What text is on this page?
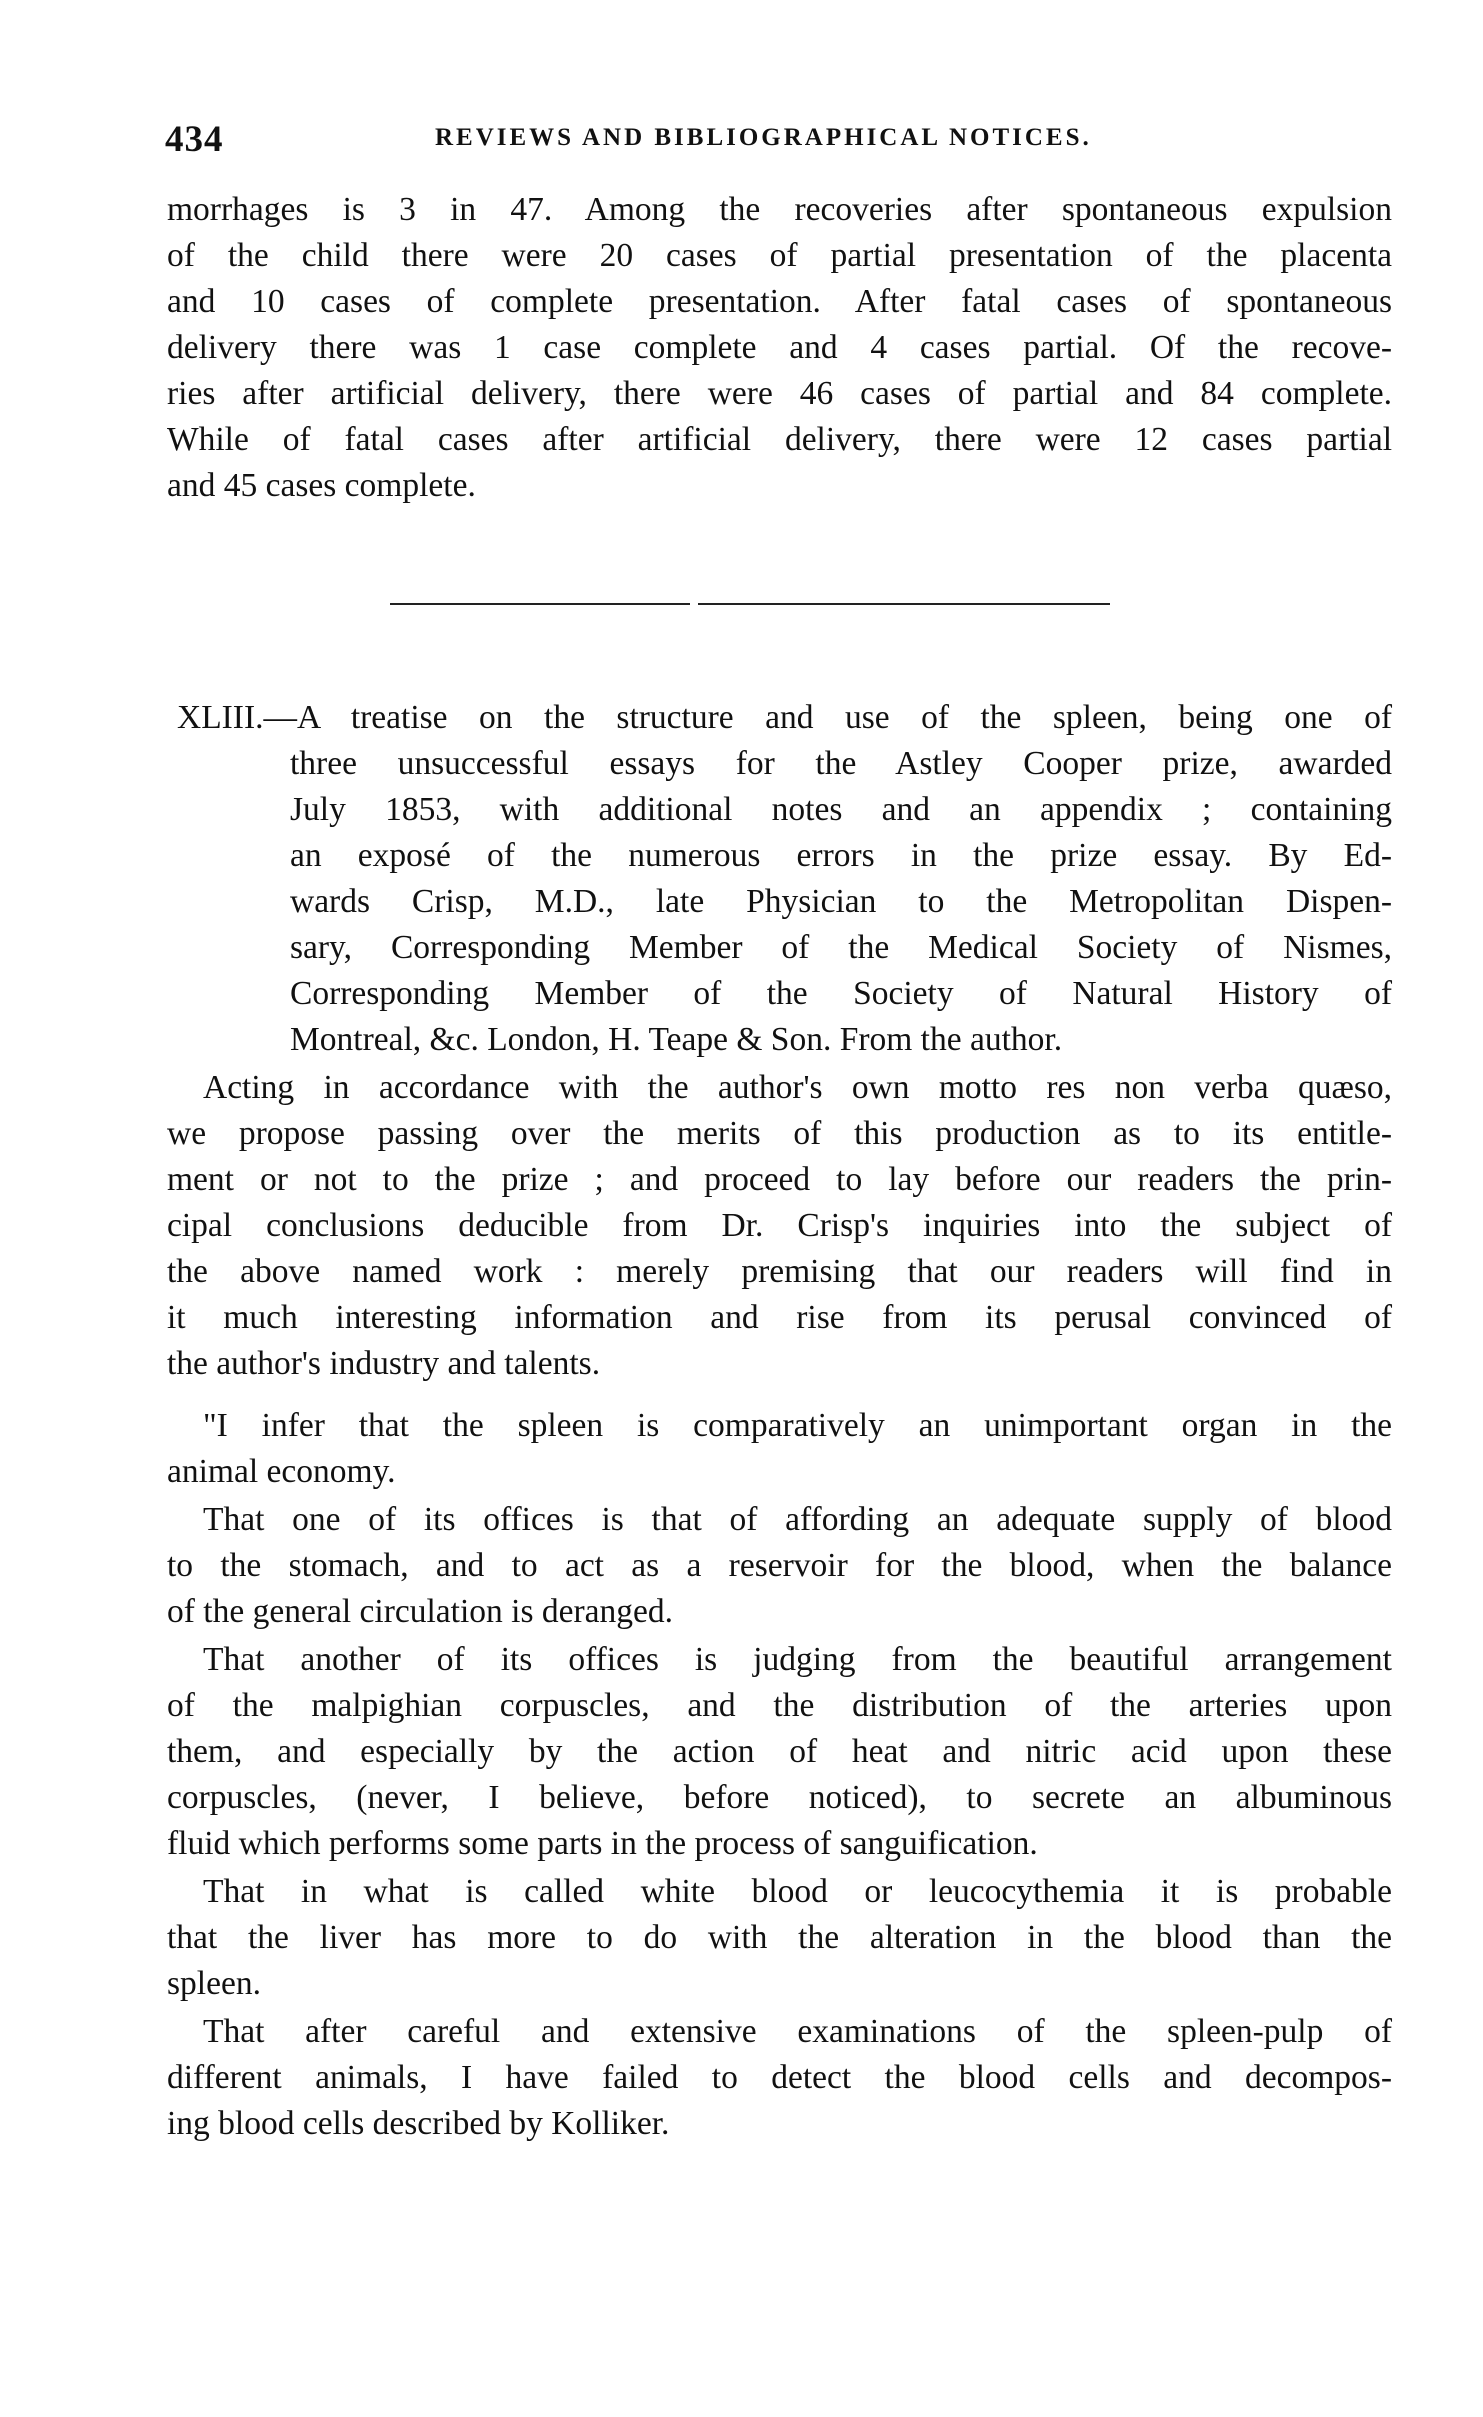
434	REVIEWS AND BIBLIOGRAPHICAL NOTICES.
morrhages is 3 in 47. Among the recoveries after spontaneous expulsion
of the child there were 20 cases of partial presentation of the placenta
and 10 cases of complete presentation. After fatal cases of spontaneous
delivery there was 1 case complete and 4 cases partial. Of the recove-
ries after artificial delivery, there were 46 cases of partial and 84 complete.
While of fatal cases after artificial delivery, there were 12 cases partial
and 45 cases complete.
XLIII.—A treatise on the structure and use of the spleen, being one of
three unsuccessful essays for the Astley Cooper prize, awarded
July 1853, with additional notes and an appendix ; containing
an exposé of the numerous errors in the prize essay. By Ed-
wards Crisp, M.D., late Physician to the Metropolitan Dispen-
sary, Corresponding Member of the Medical Society of Nismes,
Corresponding Member of the Society of Natural History of
Montreal, &c. London, H. Teape & Son. From the author.
Acting in accordance with the author's own motto res non verba quæso,
we propose passing over the merits of this production as to its entitle-
ment or not to the prize ; and proceed to lay before our readers the prin-
cipal conclusions deducible from Dr. Crisp's inquiries into the subject of
the above named work : merely premising that our readers will find in
it much interesting information and rise from its perusal convinced of
the author's industry and talents.
"I infer that the spleen is comparatively an unimportant organ in the
animal economy.
That one of its offices is that of affording an adequate supply of blood
to the stomach, and to act as a reservoir for the blood, when the balance
of the general circulation is deranged.
That another of its offices is judging from the beautiful arrangement
of the malpighian corpuscles, and the distribution of the arteries upon
them, and especially by the action of heat and nitric acid upon these
corpuscles, (never, I believe, before noticed), to secrete an albuminous
fluid which performs some parts in the process of sanguification.
That in what is called white blood or leucocythemia it is probable
that the liver has more to do with the alteration in the blood than the
spleen.
That after careful and extensive examinations of the spleen-pulp of
different animals, I have failed to detect the blood cells and decompos-
ing blood cells described by Kolliker.
